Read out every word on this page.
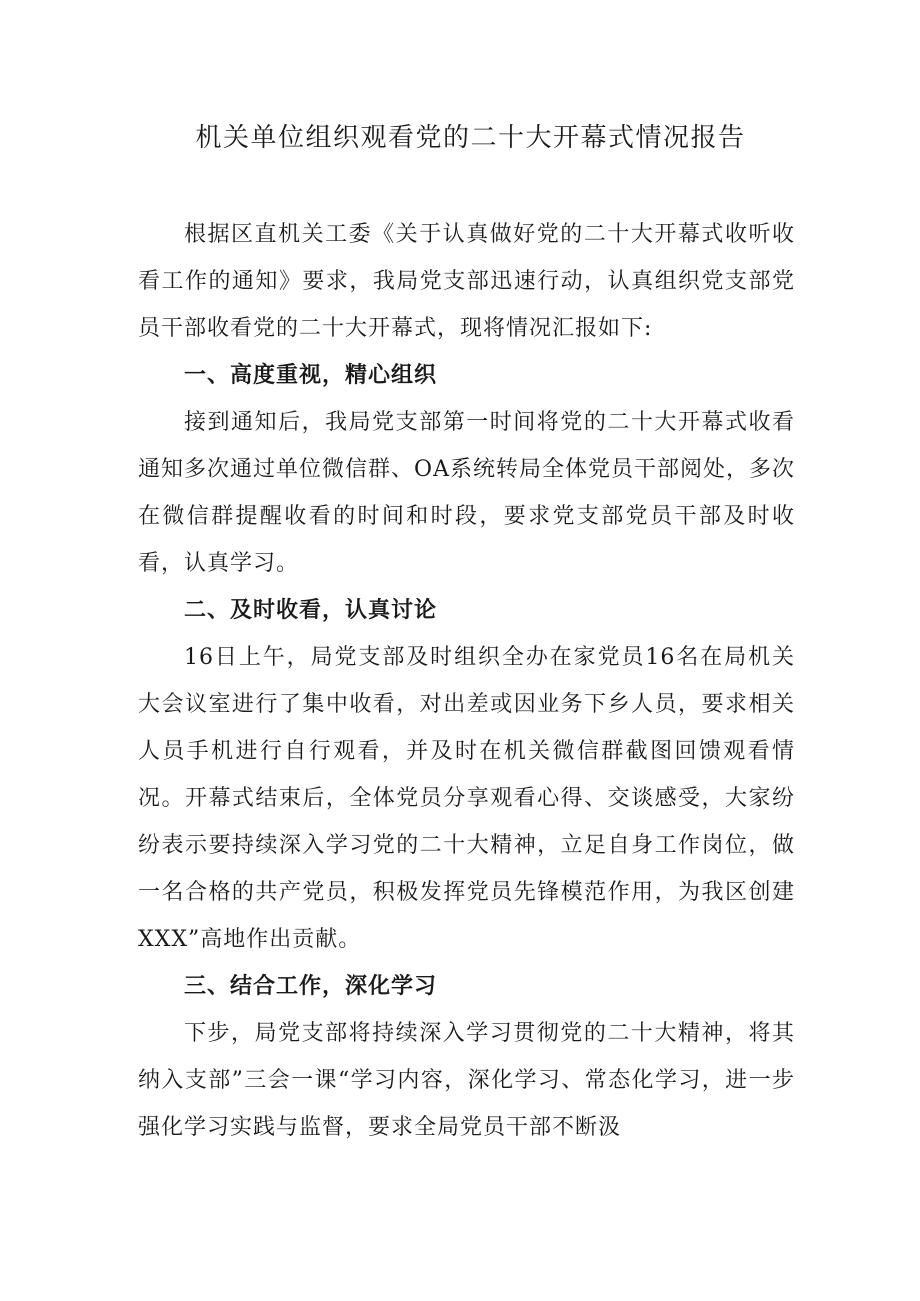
机关单位组织观看党的二十大开幕式情况报告

根据区直机关工委《关于认真做好党的二十大开幕式收听收看工作的通知》要求，我局党支部迅速行动，认真组织党支部党员干部收看党的二十大开幕式，现将情况汇报如下:

一、高度重视，精心组织

接到通知后，我局党支部第一时间将党的二十大开幕式收看通知多次通过单位微信群、OA系统转局全体党员干部阅处，多次在微信群提醒收看的时间和时段，要求党支部党员干部及时收看，认真学习。

二、及时收看，认真讨论

16日上午，局党支部及时组织全办在家党员16名在局机关大会议室进行了集中收看，对出差或因业务下乡人员，要求相关人员手机进行自行观看，并及时在机关微信群截图回馈观看情况。开幕式结束后，全体党员分享观看心得、交谈感受，大家纷纷表示要持续深入学习党的二十大精神，立足自身工作岗位，做一名合格的共产党员，积极发挥党员先锋模范作用，为我区创建XXX”高地作出贡献。

三、结合工作，深化学习

下步，局党支部将持续深入学习贯彻党的二十大精神，将其纳入支部”三会一课“学习内容，深化学习、常态化学习，进一步强化学习实践与监督，要求全局党员干部不断汲
